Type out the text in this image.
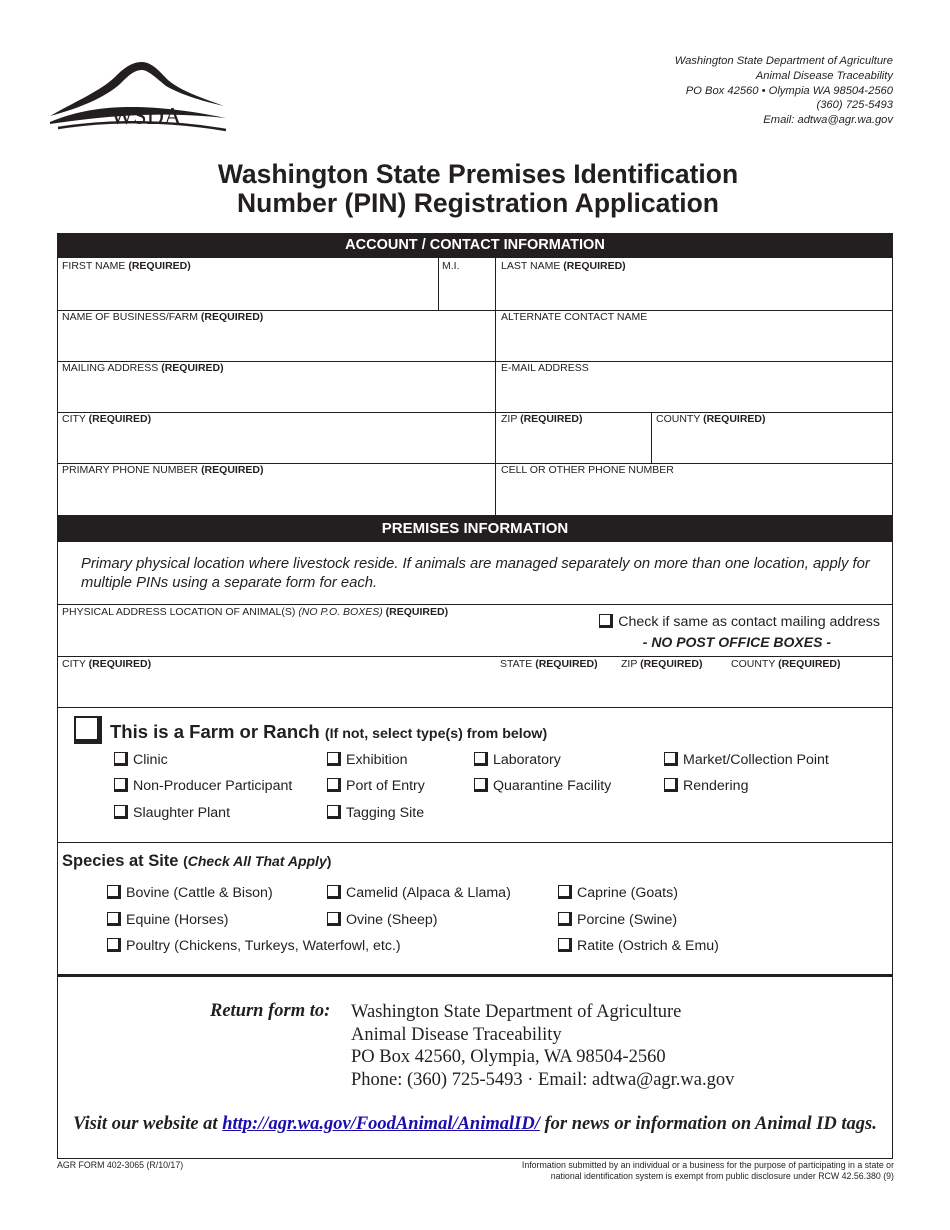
WSDA
Washington State Department of Agriculture
Animal Disease Traceability
PO Box 42560 • Olympia WA 98504-2560
(360) 725-5493
Email: adtwa@agr.wa.gov
Washington State Premises Identification
Number (PIN) Registration Application
ACCOUNT / CONTACT INFORMATION
FIRST NAME (REQUIRED)	M.I.	LAST NAME (REQUIRED)
NAME OF BUSINESS/FARM (REQUIRED)	ALTERNATE CONTACT NAME
MAILING ADDRESS (REQUIRED)	E-MAIL ADDRESS
CITY (REQUIRED)	ZIP (REQUIRED)	COUNTY (REQUIRED)
PRIMARY PHONE NUMBER (REQUIRED)	CELL OR OTHER PHONE NUMBER
PREMISES INFORMATION
Primary physical location where livestock reside. If animals are managed separately on more than one location, apply for multiple PINs using a separate form for each.
PHYSICAL ADDRESS LOCATION OF ANIMAL(S) (NO P.O. BOXES) (REQUIRED)
Check if same as contact mailing address
- NO POST OFFICE BOXES -
CITY (REQUIRED)	STATE (REQUIRED) ZIP (REQUIRED)	COUNTY (REQUIRED)
This is a Farm or Ranch (If not, select type(s) from below)
Clinic	Exhibition	Laboratory	Market/Collection Point
Non-Producer Participant	Port of Entry	Quarantine Facility	Rendering
Slaughter Plant	Tagging Site
Species at Site (Check All That Apply)
Bovine (Cattle & Bison)	Camelid (Alpaca & Llama)	Caprine (Goats)
Equine (Horses)	Ovine (Sheep)	Porcine (Swine)
Poultry (Chickens, Turkeys, Waterfowl, etc.)	Ratite (Ostrich & Emu)
Return form to: Washington State Department of Agriculture
Animal Disease Traceability
PO Box 42560, Olympia, WA 98504-2560
Phone: (360) 725-5493 · Email: adtwa@agr.wa.gov
Visit our website at http://agr.wa.gov/FoodAnimal/AnimalID/ for news or information on Animal ID tags.
AGR FORM 402-3065 (R/10/17)	Information submitted by an individual or a business for the purpose of participating in a state or
national identification system is exempt from public disclosure under RCW 42.56.380 (9)
